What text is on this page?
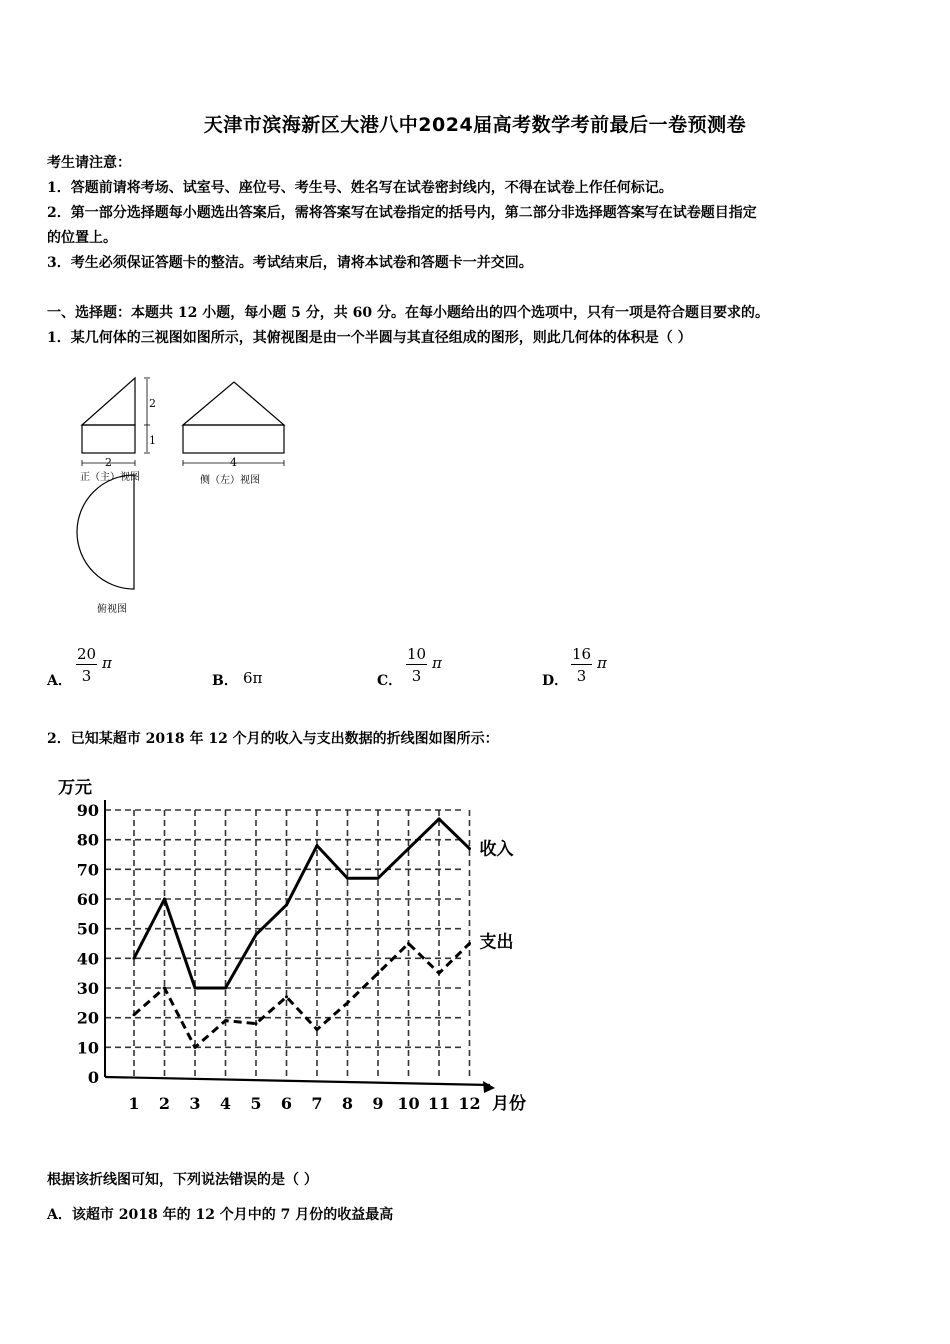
天津市滨海新区大港八中2024届高考数学考前最后一卷预测卷
考生请注意：
1．答题前请将考场、试室号、座位号、考生号、姓名写在试卷密封线内，不得在试卷上作任何标记。
2．第一部分选择题每小题选出答案后，需将答案写在试卷指定的括号内，第二部分非选择题答案写在试卷题目指定
的位置上。
3．考生必须保证答题卡的整洁。考试结束后，请将本试卷和答题卡一并交回。
一、选择题：本题共 12 小题，每小题 5 分，共 60 分。在每小题给出的四个选项中，只有一项是符合题目要求的。
1．某几何体的三视图如图所示，其俯视图是由一个半圆与其直径组成的图形，则此几何体的体积是（ ）
2
1
2	4
正（主）视图	侧（左）视图
俯视图
A． $\frac{20}{3}$ π
B． 6π	C． $\frac{10}{3}$ π
D． $\frac{16}{3}$ π
2．已知某超市 2018 年 12 个月的收入与支出数据的折线图如图所示：
0
10
20
30
40
50
60
70
80
90
1 2 3 4 5 6 7 8 9 10 11 12
万元
月份
收入
支出
根据该折线图可知，下列说法错误的是（ ）
A．该超市 2018 年的 12 个月中的 7 月份的收益最高
